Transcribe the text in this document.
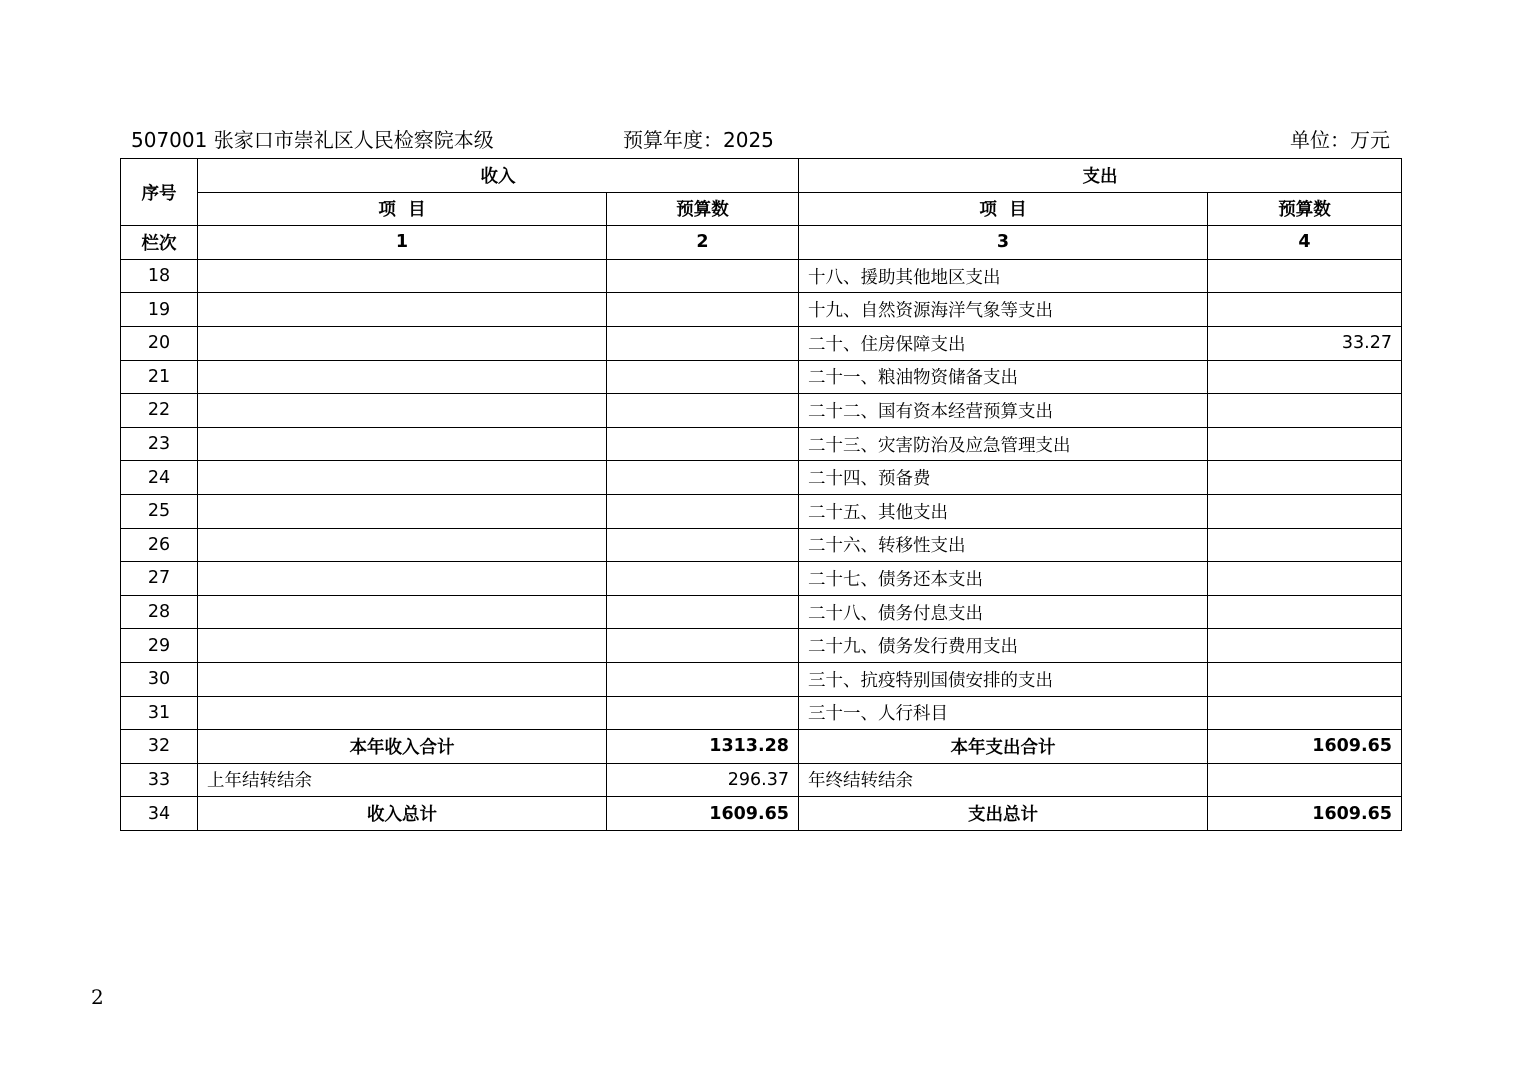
507001 张家口市崇礼区人民检察院本级	预算年度：2025	单位：万元
序号	收入		支出	
	项  目	预算数	项  目	预算数
栏次	1	2	3	4
18			十八、援助其他地区支出	
19			十九、自然资源海洋气象等支出	
20			二十、住房保障支出	33.27
21			二十一、粮油物资储备支出	
22			二十二、国有资本经营预算支出	
23			二十三、灾害防治及应急管理支出	
24			二十四、预备费	
25			二十五、其他支出	
26			二十六、转移性支出	
27			二十七、债务还本支出	
28			二十八、债务付息支出	
29			二十九、债务发行费用支出	
30			三十、抗疫特别国债安排的支出	
31			三十一、人行科目	
32	本年收入合计	1313.28	本年支出合计	1609.65
33	上年结转结余	296.37	年终结转结余	
34	收入总计	1609.65	支出总计	1609.65
2
